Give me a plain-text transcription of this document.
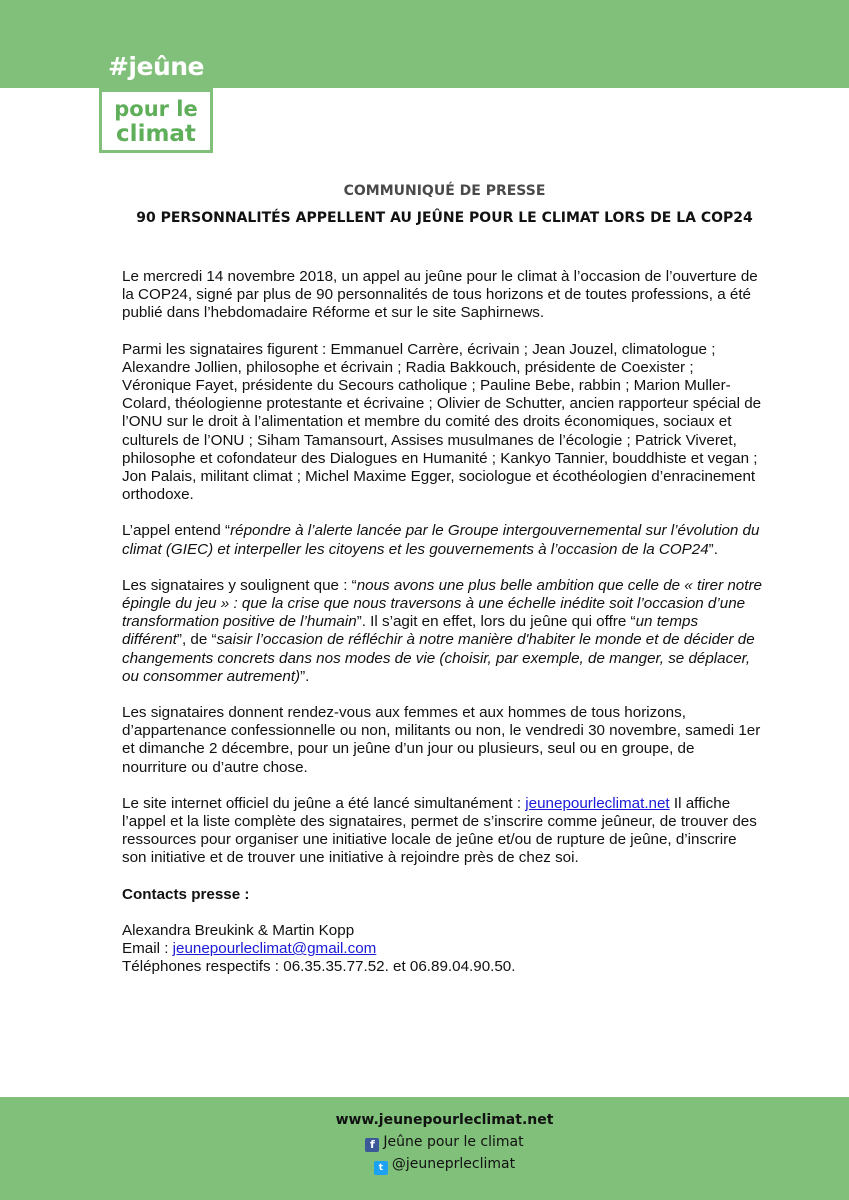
#jeûne
pour le
climat
COMMUNIQUÉ DE PRESSE
90 PERSONNALITÉS APPELLENT AU JEÛNE POUR LE CLIMAT LORS DE LA COP24

Le mercredi 14 novembre 2018, un appel au jeûne pour le climat à l’occasion de l’ouverture de la COP24, signé par plus de 90 personnalités de tous horizons et de toutes professions, a été publié dans l’hebdomadaire Réforme et sur le site Saphirnews.

Parmi les signataires figurent : Emmanuel Carrère, écrivain ; Jean Jouzel, climatologue ; Alexandre Jollien, philosophe et écrivain ; Radia Bakkouch, présidente de Coexister ; Véronique Fayet, présidente du Secours catholique ; Pauline Bebe, rabbin ; Marion Muller-Colard, théologienne protestante et écrivaine ; Olivier de Schutter, ancien rapporteur spécial de l’ONU sur le droit à l’alimentation et membre du comité des droits économiques, sociaux et culturels de l’ONU ; Siham Tamansourt, Assises musulmanes de l’écologie ; Patrick Viveret, philosophe et cofondateur des Dialogues en Humanité ; Kankyo Tannier, bouddhiste et vegan ; Jon Palais, militant climat ; Michel Maxime Egger, sociologue et écothéologien d’enracinement orthodoxe.

L’appel entend “répondre à l’alerte lancée par le Groupe intergouvernemental sur l’évolution du climat (GIEC) et interpeller les citoyens et les gouvernements à l’occasion de la COP24”.

Les signataires y soulignent que : “nous avons une plus belle ambition que celle de « tirer notre épingle du jeu » : que la crise que nous traversons à une échelle inédite soit l’occasion d’une transformation positive de l’humain”. Il s’agit en effet, lors du jeûne qui offre “un temps différent”, de “saisir l’occasion de réfléchir à notre manière d'habiter le monde et de décider de changements concrets dans nos modes de vie (choisir, par exemple, de manger, se déplacer, ou consommer autrement)”.

Les signataires donnent rendez-vous aux femmes et aux hommes de tous horizons, d’appartenance confessionnelle ou non, militants ou non, le vendredi 30 novembre, samedi 1er et dimanche 2 décembre, pour un jeûne d’un jour ou plusieurs, seul ou en groupe, de nourriture ou d’autre chose.

Le site internet officiel du jeûne a été lancé simultanément : jeunepourleclimat.net Il affiche l’appel et la liste complète des signataires, permet de s’inscrire comme jeûneur, de trouver des ressources pour organiser une initiative locale de jeûne et/ou de rupture de jeûne, d’inscrire son initiative et de trouver une initiative à rejoindre près de chez soi.

Contacts presse :
Alexandra Breukink & Martin Kopp
Email : jeunepourleclimat@gmail.com
Téléphones respectifs : 06.35.35.77.52. et 06.89.04.90.50.
www.jeunepourleclimat.net
f Jeûne pour le climat
t @jeuneprleclimat
